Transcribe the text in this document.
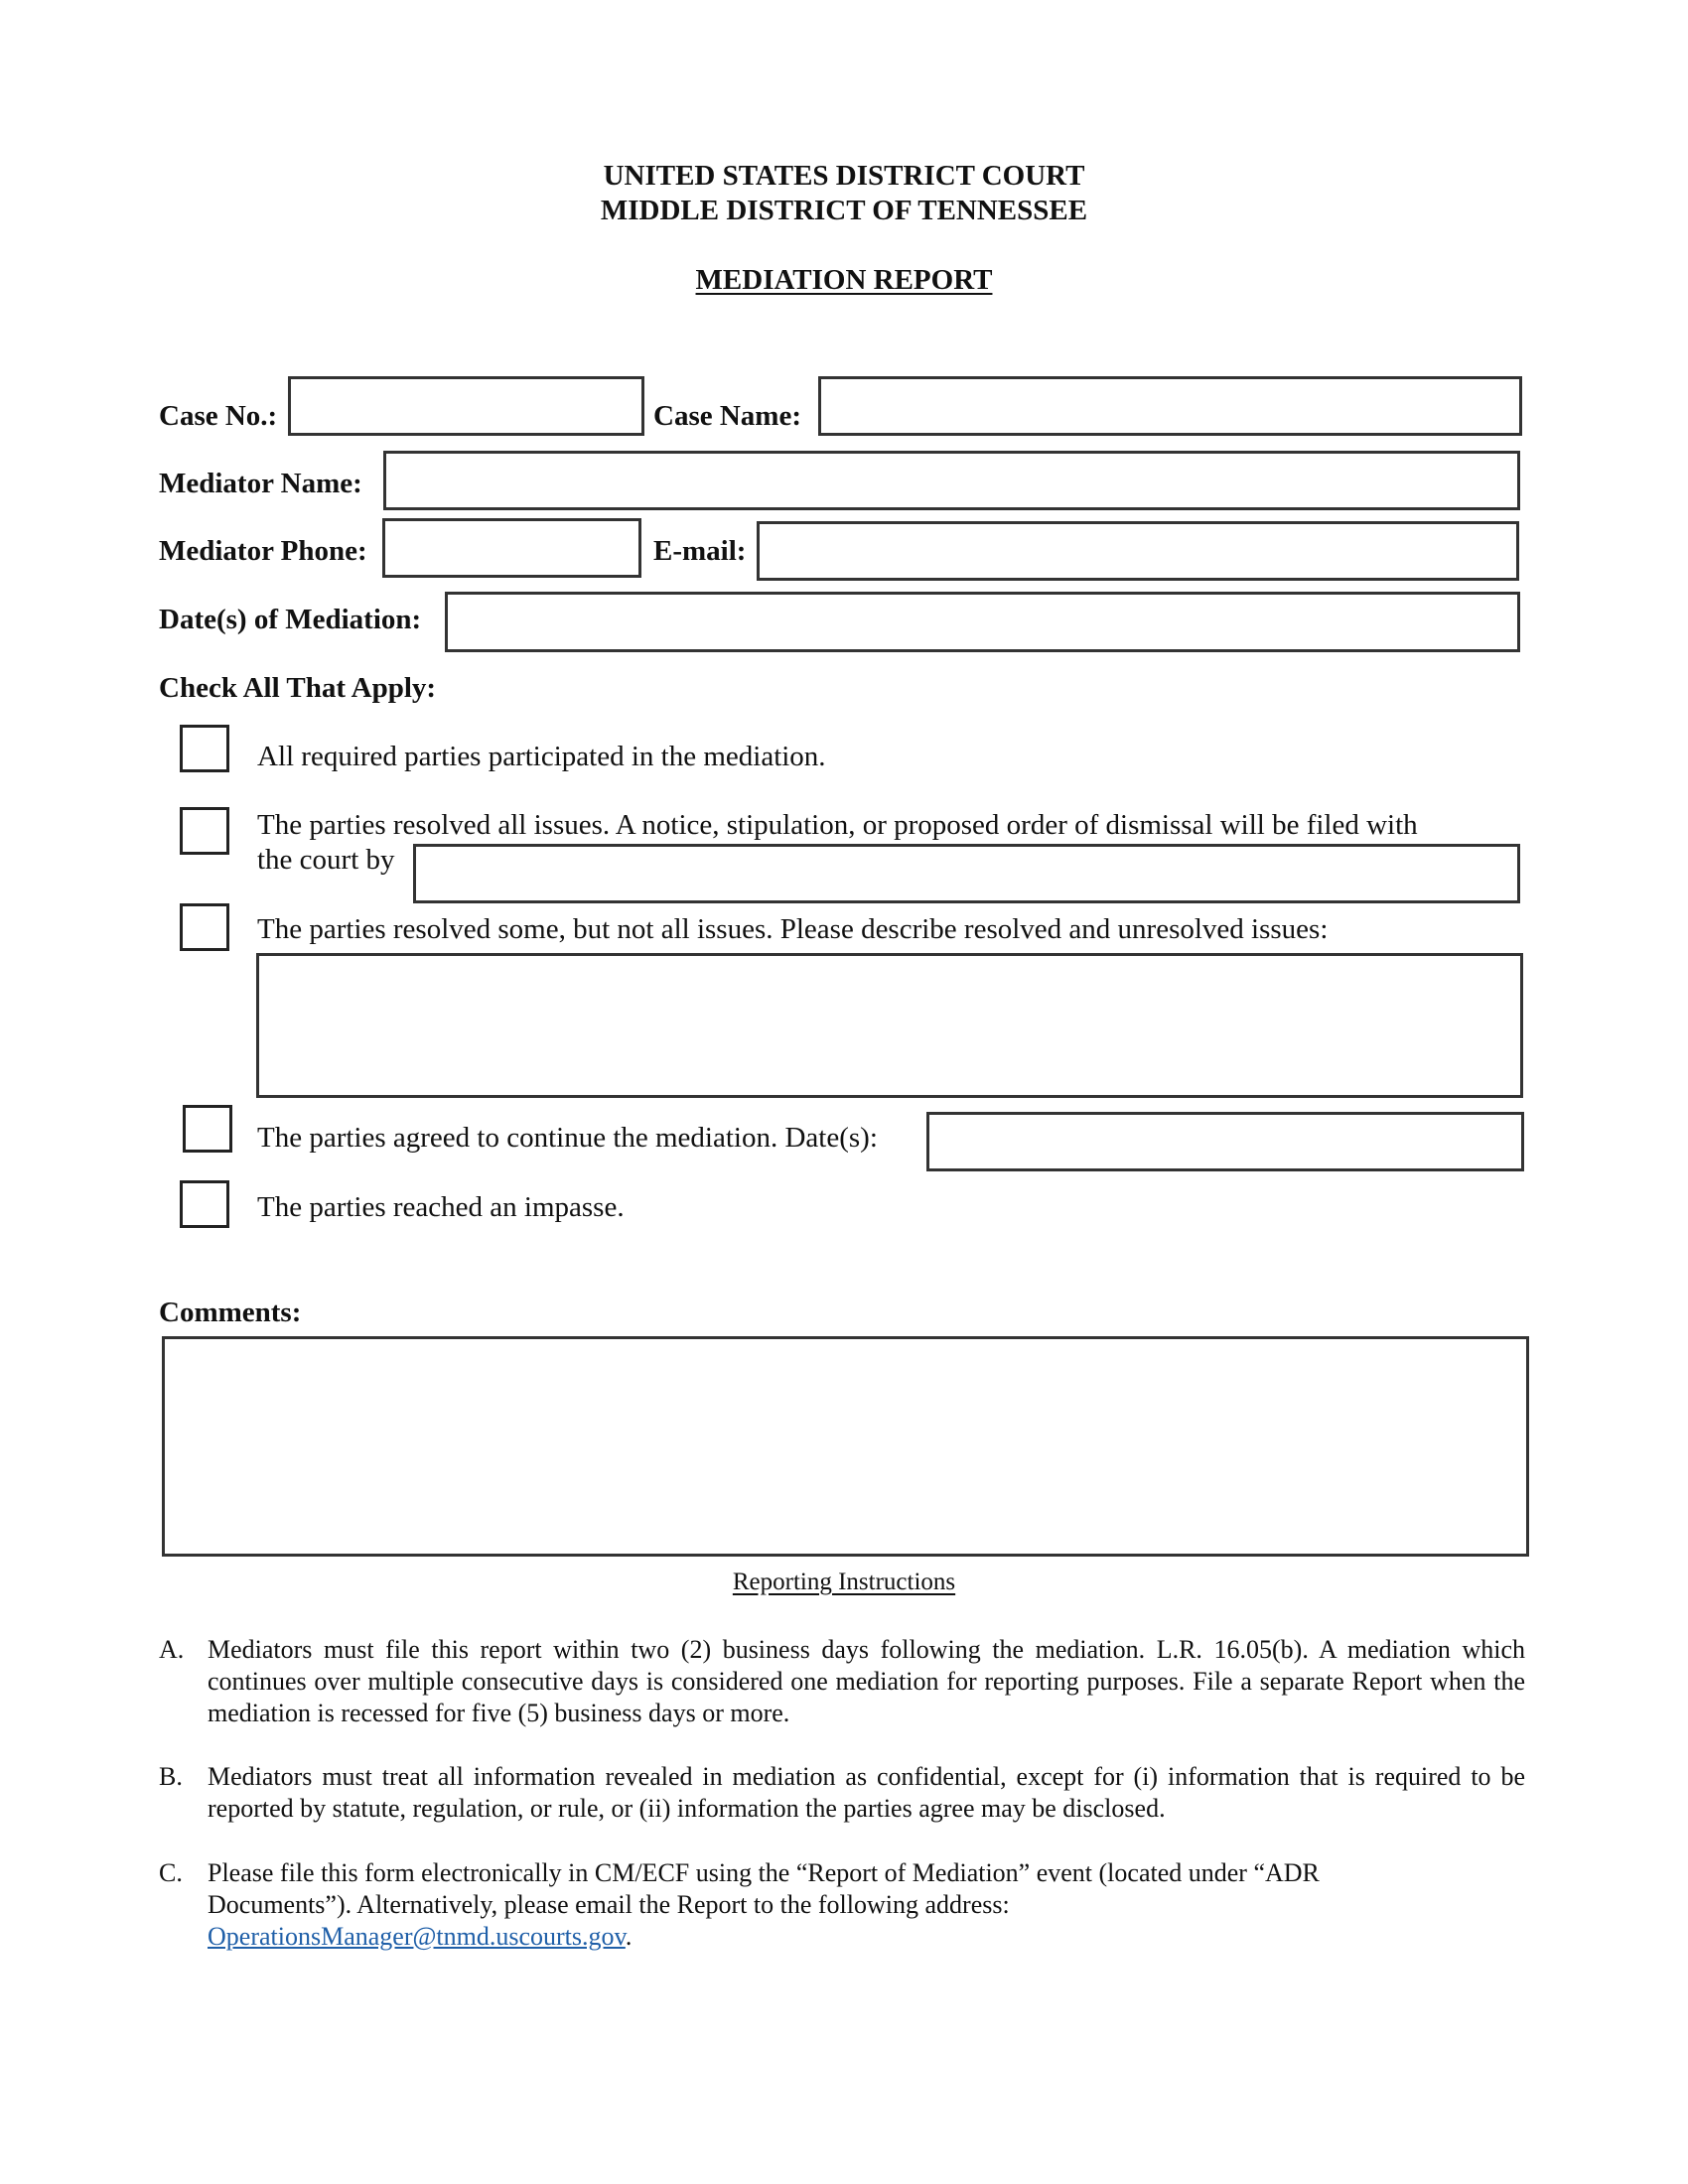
UNITED STATES DISTRICT COURT
MIDDLE DISTRICT OF TENNESSEE
MEDIATION REPORT
Case No.:	Case Name:
Mediator Name:
Mediator Phone:	E-mail:
Date(s) of Mediation:
Check All That Apply:
All required parties participated in the mediation.
The parties resolved all issues. A notice, stipulation, or proposed order of dismissal will be filed with
the court by
The parties resolved some, but not all issues. Please describe resolved and unresolved issues:
The parties agreed to continue the mediation. Date(s):
The parties reached an impasse.
Comments:
Reporting Instructions
A. Mediators must file this report within two (2) business days following the mediation. L.R. 16.05(b). A mediation which continues over multiple consecutive days is considered one mediation for reporting purposes. File a separate Report when the mediation is recessed for five (5) business days or more.
B. Mediators must treat all information revealed in mediation as confidential, except for (i) information that is required to be reported by statute, regulation, or rule, or (ii) information the parties agree may be disclosed.
C. Please file this form electronically in CM/ECF using the “Report of Mediation” event (located under “ADR Documents”). Alternatively, please email the Report to the following address:
OperationsManager@tnmd.uscourts.gov.
